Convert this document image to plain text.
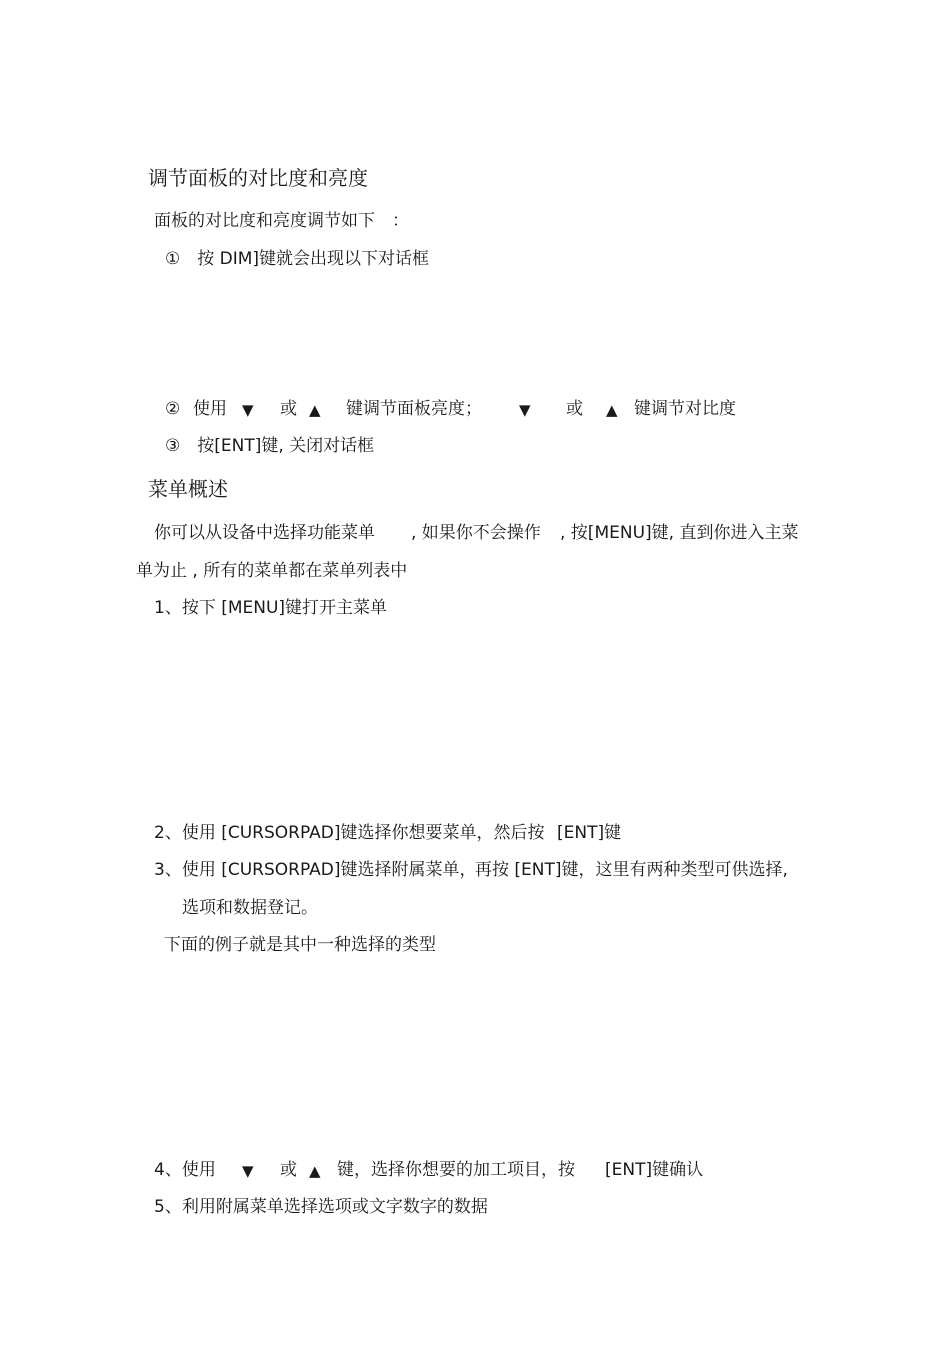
调节面板的对比度和亮度
面板的对比度和亮度调节如下　：
①　按 DIM]键就会出现以下对话框
② 使用 ▼ 或 ▲ 键调节面板亮度； ▼ 或 ▲ 键调节对比度
③　按[ENT]键, 关闭对话框
菜单概述
你可以从设备中选择功能菜单 , 如果你不会操作 , 按[MENU]键, 直到你进入主菜
单为止 , 所有的菜单都在菜单列表中
1、按下 [MENU]键打开主菜单
2、使用 [CURSORPAD]键选择你想要菜单，然后按 [ENT]键
3、使用 [CURSORPAD]键选择附属菜单，
再按 [ENT]键，这里有两种类型可供选择,
选项和数据登记。
下面的例子就是其中一种选择的类型
4、使用 ▼ 或 ▲ 键，选择你想要的加工项目，按 [ENT]键确认
5、利用附属菜单选择选项或文字数字的数据
